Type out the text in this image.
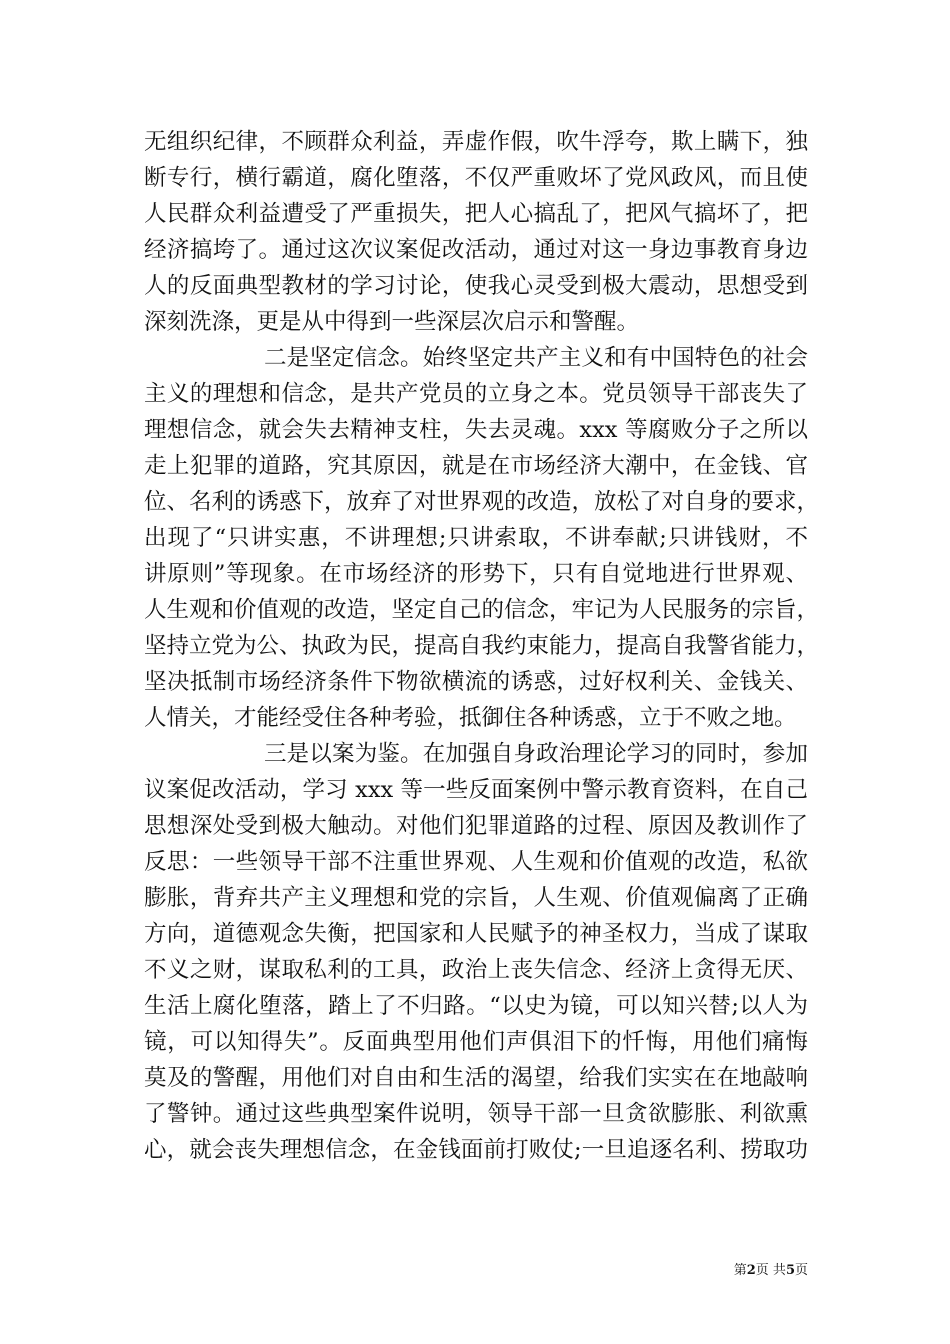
无组织纪律，不顾群众利益，弄虚作假，吹牛浮夸，欺上瞒下，独
断专行，横行霸道，腐化堕落，不仅严重败坏了党风政风，而且使
人民群众利益遭受了严重损失，把人心搞乱了，把风气搞坏了，把
经济搞垮了。通过这次议案促改活动，通过对这一身边事教育身边
人的反面典型教材的学习讨论，使我心灵受到极大震动，思想受到
深刻洗涤，更是从中得到一些深层次启示和警醒。
二是坚定信念。始终坚定共产主义和有中国特色的社会
主义的理想和信念，是共产党员的立身之本。党员领导干部丧失了
理想信念，就会失去精神支柱，失去灵魂。xxx 等腐败分子之所以
走上犯罪的道路，究其原因，就是在市场经济大潮中，在金钱、官
位、名利的诱惑下，放弃了对世界观的改造，放松了对自身的要求，
出现了“只讲实惠，不讲理想;只讲索取，不讲奉献;只讲钱财，不
讲原则”等现象。在市场经济的形势下，只有自觉地进行世界观、
人生观和价值观的改造，坚定自己的信念，牢记为人民服务的宗旨，
坚持立党为公、执政为民，提高自我约束能力，提高自我警省能力，
坚决抵制市场经济条件下物欲横流的诱惑，过好权利关、金钱关、
人情关，才能经受住各种考验，抵御住各种诱惑，立于不败之地。
三是以案为鉴。在加强自身政治理论学习的同时，参加
议案促改活动，学习 xxx 等一些反面案例中警示教育资料，在自己
思想深处受到极大触动。对他们犯罪道路的过程、原因及教训作了
反思：一些领导干部不注重世界观、人生观和价值观的改造，私欲
膨胀，背弃共产主义理想和党的宗旨，人生观、价值观偏离了正确
方向，道德观念失衡，把国家和人民赋予的神圣权力，当成了谋取
不义之财，谋取私利的工具，政治上丧失信念、经济上贪得无厌、
生活上腐化堕落，踏上了不归路。“以史为镜，可以知兴替;以人为
镜，可以知得失”。反面典型用他们声俱泪下的忏悔，用他们痛悔
莫及的警醒，用他们对自由和生活的渴望，给我们实实在在地敲响
了警钟。通过这些典型案件说明，领导干部一旦贪欲膨胀、利欲熏
心，就会丧失理想信念，在金钱面前打败仗;一旦追逐名利、捞取功
第2页 共5页
